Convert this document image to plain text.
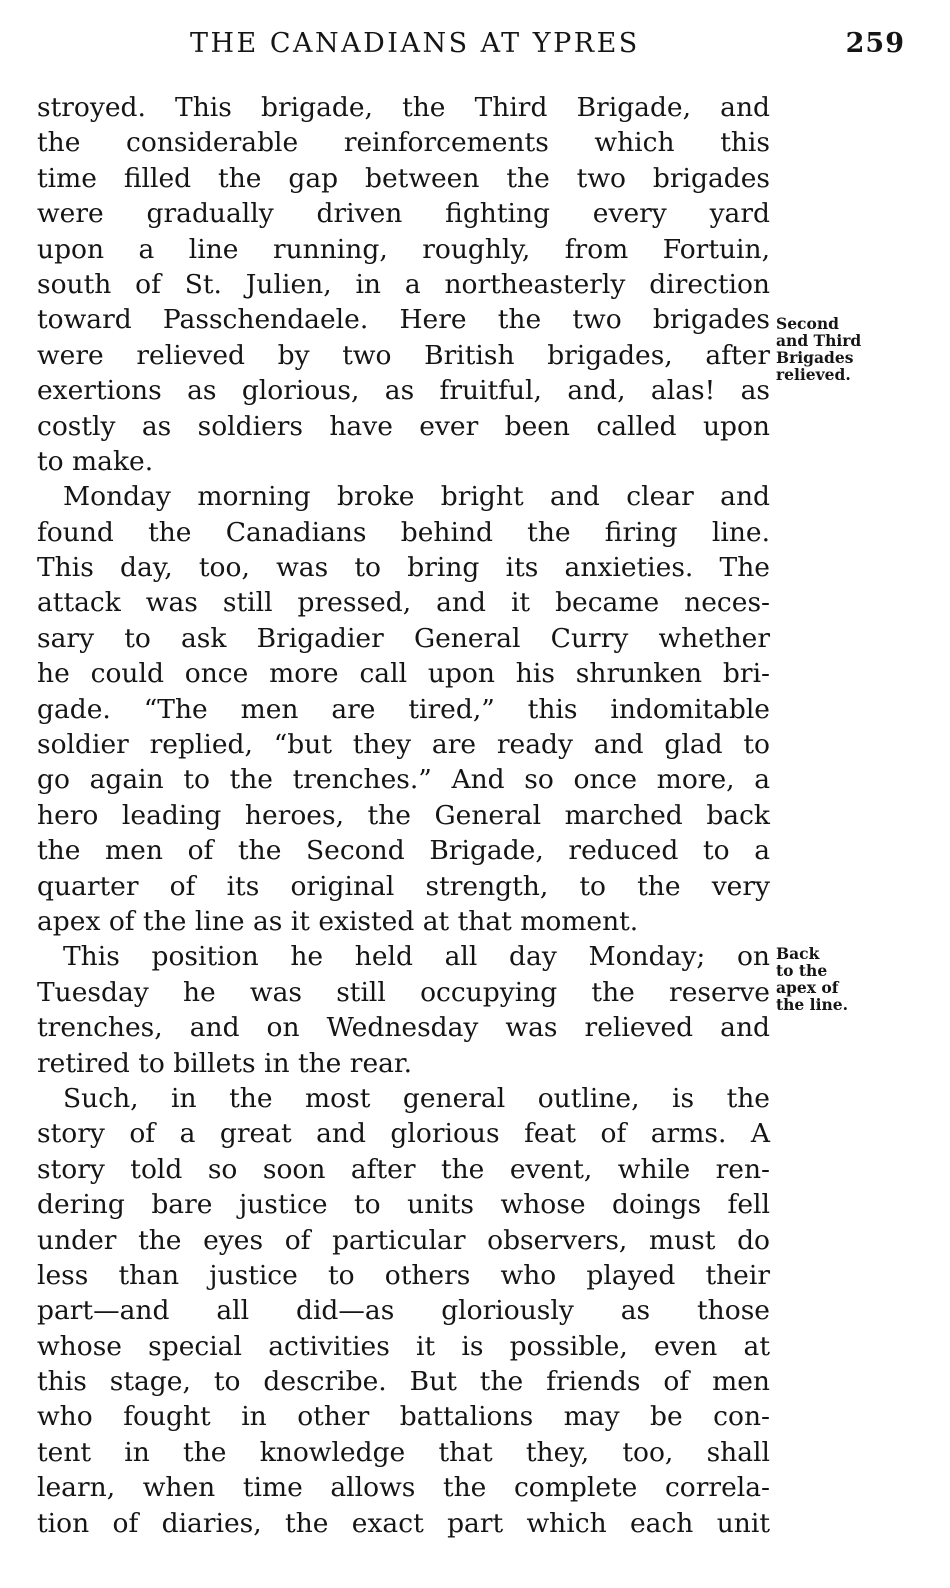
THE CANADIANS AT YPRES	259
stroyed. This brigade, the Third Brigade, and
the considerable reinforcements which this
time filled the gap between the two brigades
were gradually driven fighting every yard
upon a line running, roughly, from Fortuin,
south of St. Julien, in a northeasterly direction
toward Passchendaele. Here the two brigades
were relieved by two British brigades, after
exertions as glorious, as fruitful, and, alas! as
costly as soldiers have ever been called upon
to make.
Monday morning broke bright and clear and
found the Canadians behind the firing line.
This day, too, was to bring its anxieties. The
attack was still pressed, and it became neces-
sary to ask Brigadier General Curry whether
he could once more call upon his shrunken bri-
gade. “The men are tired,” this indomitable
soldier replied, “but they are ready and glad to
go again to the trenches.” And so once more, a
hero leading heroes, the General marched back
the men of the Second Brigade, reduced to a
quarter of its original strength, to the very
apex of the line as it existed at that moment.
This position he held all day Monday; on
Tuesday he was still occupying the reserve
trenches, and on Wednesday was relieved and
retired to billets in the rear.
Such, in the most general outline, is the
story of a great and glorious feat of arms. A
story told so soon after the event, while ren-
dering bare justice to units whose doings fell
under the eyes of particular observers, must do
less than justice to others who played their
part—and all did—as gloriously as those
whose special activities it is possible, even at
this stage, to describe. But the friends of men
who fought in other battalions may be con-
tent in the knowledge that they, too, shall
learn, when time allows the complete correla-
tion of diaries, the exact part which each unit
Second
and Third
Brigades
relieved.
Back
to the
apex of
the line.
